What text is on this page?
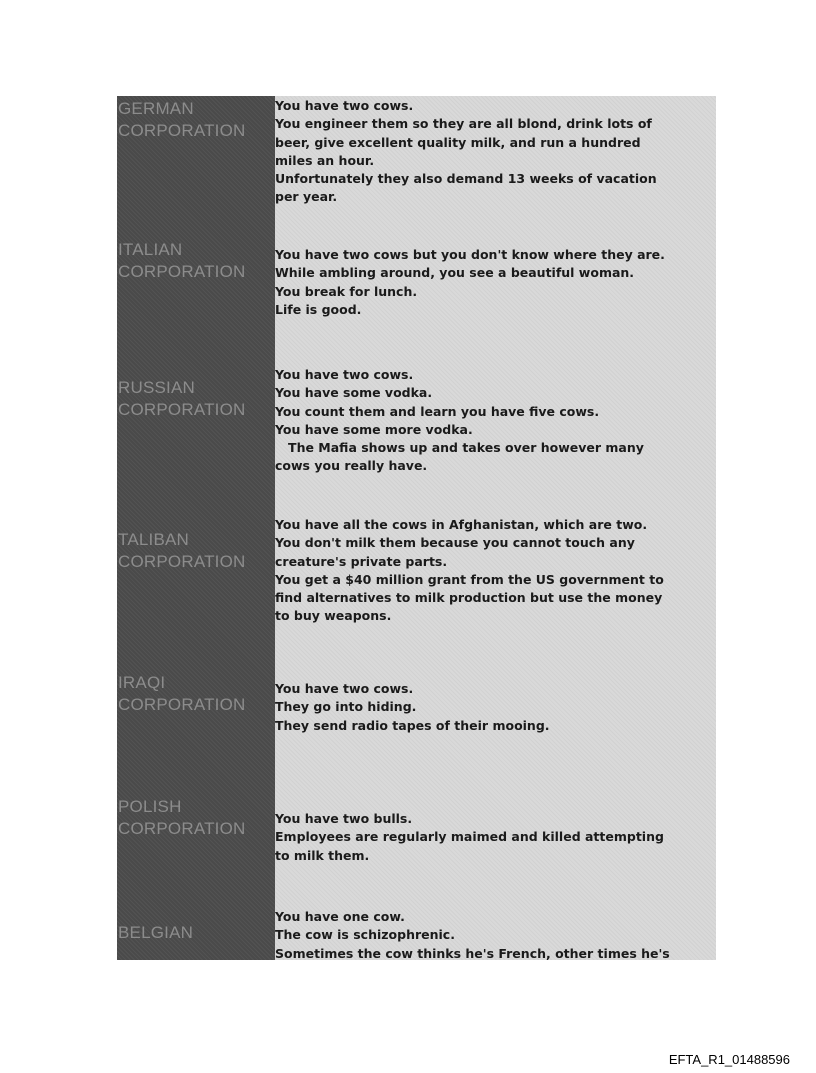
GERMAN
CORPORATION
ITALIAN
CORPORATION
RUSSIAN
CORPORATION
TALIBAN
CORPORATION
IRAQI
CORPORATION
POLISH
CORPORATION
BELGIAN
You have two cows.
You engineer them so they are all blond, drink lots of
beer, give excellent quality milk, and run a hundred
miles an hour.
Unfortunately they also demand 13 weeks of vacation
per year.
You have two cows but you don't know where they are.
While ambling around, you see a beautiful woman.
You break for lunch.
Life is good.
You have two cows.
You have some vodka.
You count them and learn you have five cows.
You have some more vodka.
The Mafia shows up and takes over however many
cows you really have.
You have all the cows in Afghanistan, which are two.
You don't milk them because you cannot touch any
creature's private parts.
You get a $40 million grant from the US government to
find alternatives to milk production but use the money
to buy weapons.
You have two cows.
They go into hiding.
They send radio tapes of their mooing.
You have two bulls.
Employees are regularly maimed and killed attempting
to milk them.
You have one cow.
The cow is schizophrenic.
Sometimes the cow thinks he's French, other times he's
EFTA_R1_01488596
